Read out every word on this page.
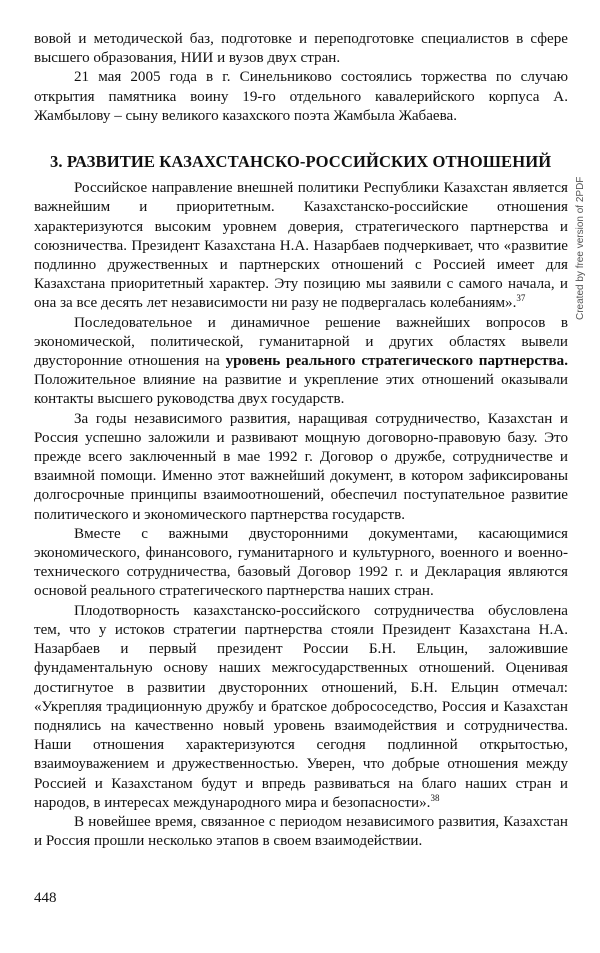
вовой и методической баз, подготовке и переподготовке специалистов в сфере высшего образования, НИИ и вузов двух стран.

21 мая 2005 года в г. Синельниково состоялись торжества по случаю открытия памятника воину 19-го отдельного кавалерийского корпуса А. Жамбылову – сыну великого казахского поэта Жамбыла Жабаева.

3. РАЗВИТИЕ КАЗАХСТАНСКО-РОССИЙСКИХ ОТНОШЕНИЙ

Российское направление внешней политики Республики Казахстан является важнейшим и приоритетным. Казахстанско-российские отношения характеризуются высоким уровнем доверия, стратегического партнерства и союзничества. Президент Казахстана Н.А. Назарбаев подчеркивает, что «развитие подлинно дружественных и партнерских отношений с Россией имеет для Казахстана приоритетный характер. Эту позицию мы заявили с самого начала, и она за все десять лет независимости ни разу не подвергалась колебаниям».$^{37}$

Последовательное и динамичное решение важнейших вопросов в экономической, политической, гуманитарной и других областях вывели двусторонние отношения на уровень реального стратегического партнерства. Положительное влияние на развитие и укрепление этих отношений оказывали контакты высшего руководства двух государств.

За годы независимого развития, наращивая сотрудничество, Казахстан и Россия успешно заложили и развивают мощную договорно-правовую базу. Это прежде всего заключенный в мае 1992 г. Договор о дружбе, сотрудничестве и взаимной помощи. Именно этот важнейший документ, в котором зафиксированы долгосрочные принципы взаимоотношений, обеспечил поступательное развитие политического и экономического партнерства государств.

Вместе с важными двусторонними документами, касающимися экономического, финансового, гуманитарного и культурного, военного и военно-технического сотрудничества, базовый Договор 1992 г. и Декларация являются основой реального стратегического партнерства наших стран.

Плодотворность казахстанско-российского сотрудничества обусловлена тем, что у истоков стратегии партнерства стояли Президент Казахстана Н.А. Назарбаев и первый президент России Б.Н. Ельцин, заложившие фундаментальную основу наших межгосударственных отношений. Оценивая достигнутое в развитии двусторонних отношений, Б.Н. Ельцин отмечал: «Укрепляя традиционную дружбу и братское добрососедство, Россия и Казахстан поднялись на качественно новый уровень взаимодействия и сотрудничества. Наши отношения характеризуются сегодня подлинной открытостью, взаимоуважением и дружественностью. Уверен, что добрые отношения между Россией и Казахстаном будут и впредь развиваться на благо наших стран и народов, в интересах международного мира и безопасности».$^{38}$

В новейшее время, связанное с периодом независимого развития, Казахстан и Россия прошли несколько этапов в своем взаимодействии.

448
Created by free version of 2PDF
